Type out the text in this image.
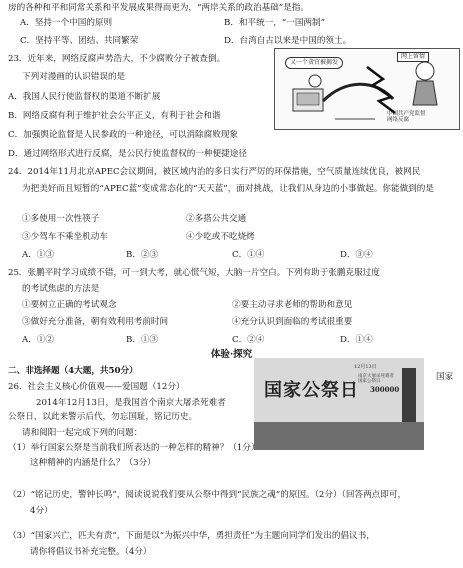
房的各种和平和同常关系和平发展成果得而更为，“两岸关系的政治基础”是指。
A．坚持一个中国的原则	B．和平统一，“一国两制”
C．坚持平等、团结、共同繁荣	D．台湾自古以来是中国的领土。
23．近年来，网络反腐声势浩大，不少腐败分子被查倒。
下列对漫画的认识错误的是
A．我国人民行使监督权的渠道不断扩展
B．网络反腐有利于维护社会公平正义，有利于社会和谐
C．加强舆论监督是人民参政的一种途径，可以消除腐败现象
D．通过网络形式进行反腐，是公民行使监督权的一种便捷途径
又一个贪官被揭发
网上留情
中国共产党监督
网络反腐
24．2014年11月北京APEC会议期间，被区域内治的多日实行严厉的环保措施，空气质量连续优良，被网民
为把美好而且短暂的“APEC蓝”变成常态化的“天天蓝”，面对挑战，让我们从身边的小事做起。你能做到的是
①多使用一次性筷子	②多搭公共交通
③少驾车不乘坐机动车	④少吃或不吃烧烤
A．①③	B．②③	C．①④	D．③④
25．张鹏平时学习成绩不错，可一到大考，就心慌气短，大脑一片空白。下列有助于张鹏克服过度
的考试焦虑的方法是
①要树立正确的考试观念	②要主动寻求老师的帮助和意见
③做好充分准备，朝有效利用考前时间	④充分认识到面临的考试很重要
A．①②	B．①③	C．②④	D．①④
体验·探究
二、非选择题（4大题，共50分）
26．社会主义核心价值观——爱国题（12分）	国家公祭日
12月13日
南京大屠杀死难者
国家公祭日
300000
2014年12月13日，是我国首个南京大屠杀死难者
国家
公祭日，以此来警示后代，勿忘国耻，铭记历史。
请和阅阳一起完成下列的问题：
（1）举行国家公祭是当前我们所表达的一种怎样的精神？（1分）
这种精神的内涵是什么？（3分）
（2）“铭记历史，警钟长鸣”，阅读说说我们要从公祭中得到“民族之魂”的原因。（2分）（回答两点即可，
4分）
（3）“国家兴亡，匹夫有责”，下面是以“为振兴中华，勇担责任”为主题向同学们发出的倡议书，
请你将倡议书补充完整。（4分）
